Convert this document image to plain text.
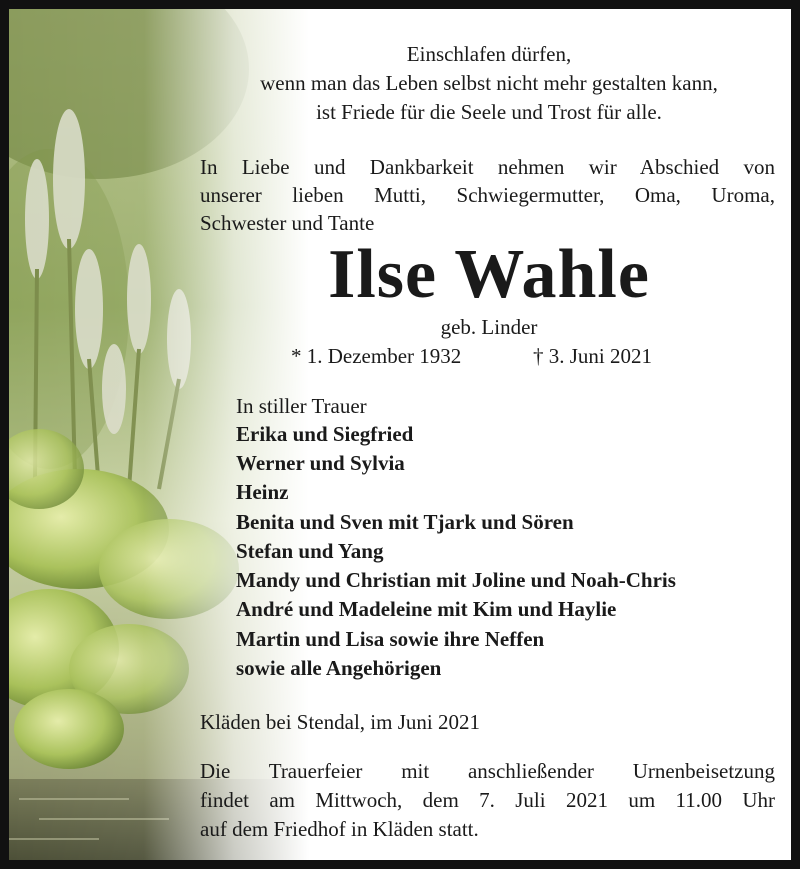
Einschlafen dürfen,
wenn man das Leben selbst nicht mehr gestalten kann,
ist Friede für die Seele und Trost für alle.
In Liebe und Dankbarkeit nehmen wir Abschied von
unserer lieben Mutti, Schwiegermutter, Oma, Uroma,
Schwester und Tante
Ilse Wahle
geb. Linder
* 1. Dezember 1932	† 3. Juni 2021
In stiller Trauer
Erika und Siegfried
Werner und Sylvia
Heinz
Benita und Sven mit Tjark und Sören
Stefan und Yang
Mandy und Christian mit Joline und Noah-Chris
André und Madeleine mit Kim und Haylie
Martin und Lisa sowie ihre Neffen
sowie alle Angehörigen
Kläden bei Stendal, im Juni 2021
Die Trauerfeier mit anschließender Urnenbeisetzung
findet am Mittwoch, dem 7. Juli 2021 um 11.00 Uhr
auf dem Friedhof in Kläden statt.
